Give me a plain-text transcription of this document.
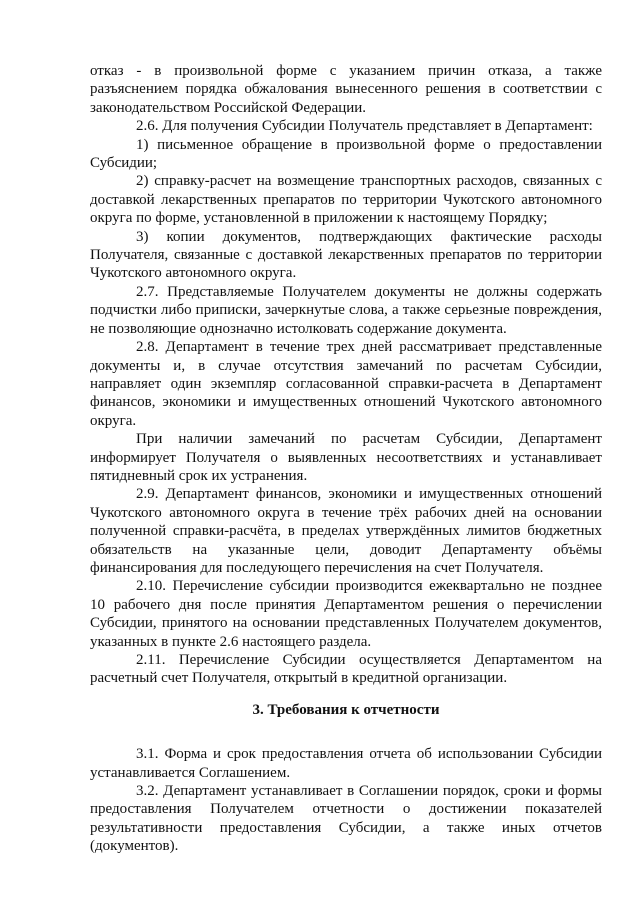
отказ - в произвольной форме с указанием причин отказа, а также разъяснением порядка обжалования вынесенного решения в соответствии с законодательством Российской Федерации.

2.6. Для получения Субсидии Получатель представляет в Департамент:

1) письменное обращение в произвольной форме о предоставлении Субсидии;

2) справку-расчет на возмещение транспортных расходов, связанных с доставкой лекарственных препаратов по территории Чукотского автономного округа по форме, установленной в приложении к настоящему Порядку;

3) копии документов, подтверждающих фактические расходы Получателя, связанные с доставкой лекарственных препаратов по территории Чукотского автономного округа.

2.7. Представляемые Получателем документы не должны содержать подчистки либо приписки, зачеркнутые слова, а также серьезные повреждения, не позволяющие однозначно истолковать содержание документа.

2.8. Департамент в течение трех дней рассматривает представленные документы и, в случае отсутствия замечаний по расчетам Субсидии, направляет один экземпляр согласованной справки-расчета в Департамент финансов, экономики и имущественных отношений Чукотского автономного округа.

При наличии замечаний по расчетам Субсидии, Департамент информирует Получателя о выявленных несоответствиях и устанавливает пятидневный срок их устранения.

2.9. Департамент финансов, экономики и имущественных отношений Чукотского автономного округа в течение трёх рабочих дней на основании полученной справки-расчёта, в пределах утверждённых лимитов бюджетных обязательств на указанные цели, доводит Департаменту объёмы финансирования для последующего перечисления на счет Получателя.

2.10. Перечисление субсидии производится ежеквартально не позднее 10 рабочего дня после принятия Департаментом решения о перечислении Субсидии, принятого на основании представленных Получателем документов, указанных в пункте 2.6 настоящего раздела.

2.11. Перечисление Субсидии осуществляется Департаментом на расчетный счет Получателя, открытый в кредитной организации.

3. Требования к отчетности

3.1. Форма и срок предоставления отчета об использовании Субсидии устанавливается Соглашением.

3.2. Департамент устанавливает в Соглашении порядок, сроки и формы предоставления Получателем отчетности о достижении показателей результативности предоставления Субсидии, а также иных отчетов (документов).
